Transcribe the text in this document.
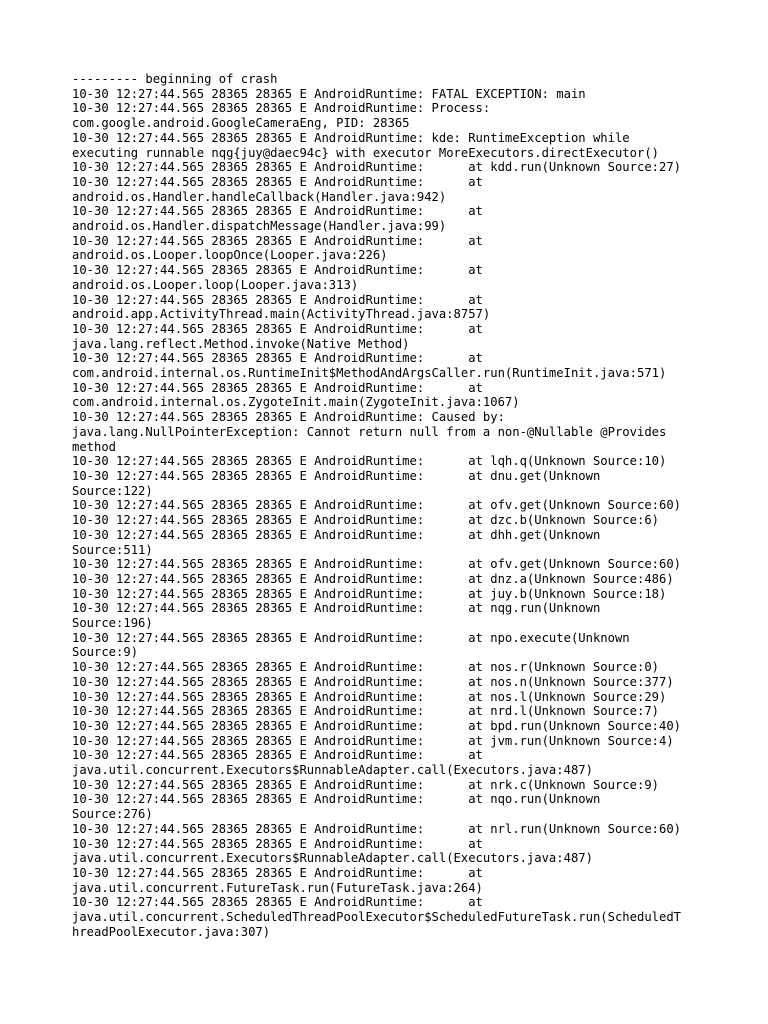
--------- beginning of crash
10-30 12:27:44.565 28365 28365 E AndroidRuntime: FATAL EXCEPTION: main
10-30 12:27:44.565 28365 28365 E AndroidRuntime: Process:
com.google.android.GoogleCameraEng, PID: 28365
10-30 12:27:44.565 28365 28365 E AndroidRuntime: kde: RuntimeException while
executing runnable nqg{juy@daec94c} with executor MoreExecutors.directExecutor()
10-30 12:27:44.565 28365 28365 E AndroidRuntime:      at kdd.run(Unknown Source:27)
10-30 12:27:44.565 28365 28365 E AndroidRuntime:      at
android.os.Handler.handleCallback(Handler.java:942)
10-30 12:27:44.565 28365 28365 E AndroidRuntime:      at
android.os.Handler.dispatchMessage(Handler.java:99)
10-30 12:27:44.565 28365 28365 E AndroidRuntime:      at
android.os.Looper.loopOnce(Looper.java:226)
10-30 12:27:44.565 28365 28365 E AndroidRuntime:      at
android.os.Looper.loop(Looper.java:313)
10-30 12:27:44.565 28365 28365 E AndroidRuntime:      at
android.app.ActivityThread.main(ActivityThread.java:8757)
10-30 12:27:44.565 28365 28365 E AndroidRuntime:      at
java.lang.reflect.Method.invoke(Native Method)
10-30 12:27:44.565 28365 28365 E AndroidRuntime:      at
com.android.internal.os.RuntimeInit$MethodAndArgsCaller.run(RuntimeInit.java:571)
10-30 12:27:44.565 28365 28365 E AndroidRuntime:      at
com.android.internal.os.ZygoteInit.main(ZygoteInit.java:1067)
10-30 12:27:44.565 28365 28365 E AndroidRuntime: Caused by:
java.lang.NullPointerException: Cannot return null from a non-@Nullable @Provides
method
10-30 12:27:44.565 28365 28365 E AndroidRuntime:      at lqh.q(Unknown Source:10)
10-30 12:27:44.565 28365 28365 E AndroidRuntime:      at dnu.get(Unknown
Source:122)
10-30 12:27:44.565 28365 28365 E AndroidRuntime:      at ofv.get(Unknown Source:60)
10-30 12:27:44.565 28365 28365 E AndroidRuntime:      at dzc.b(Unknown Source:6)
10-30 12:27:44.565 28365 28365 E AndroidRuntime:      at dhh.get(Unknown
Source:511)
10-30 12:27:44.565 28365 28365 E AndroidRuntime:      at ofv.get(Unknown Source:60)
10-30 12:27:44.565 28365 28365 E AndroidRuntime:      at dnz.a(Unknown Source:486)
10-30 12:27:44.565 28365 28365 E AndroidRuntime:      at juy.b(Unknown Source:18)
10-30 12:27:44.565 28365 28365 E AndroidRuntime:      at nqg.run(Unknown
Source:196)
10-30 12:27:44.565 28365 28365 E AndroidRuntime:      at npo.execute(Unknown
Source:9)
10-30 12:27:44.565 28365 28365 E AndroidRuntime:      at nos.r(Unknown Source:0)
10-30 12:27:44.565 28365 28365 E AndroidRuntime:      at nos.n(Unknown Source:377)
10-30 12:27:44.565 28365 28365 E AndroidRuntime:      at nos.l(Unknown Source:29)
10-30 12:27:44.565 28365 28365 E AndroidRuntime:      at nrd.l(Unknown Source:7)
10-30 12:27:44.565 28365 28365 E AndroidRuntime:      at bpd.run(Unknown Source:40)
10-30 12:27:44.565 28365 28365 E AndroidRuntime:      at jvm.run(Unknown Source:4)
10-30 12:27:44.565 28365 28365 E AndroidRuntime:      at
java.util.concurrent.Executors$RunnableAdapter.call(Executors.java:487)
10-30 12:27:44.565 28365 28365 E AndroidRuntime:      at nrk.c(Unknown Source:9)
10-30 12:27:44.565 28365 28365 E AndroidRuntime:      at nqo.run(Unknown
Source:276)
10-30 12:27:44.565 28365 28365 E AndroidRuntime:      at nrl.run(Unknown Source:60)
10-30 12:27:44.565 28365 28365 E AndroidRuntime:      at
java.util.concurrent.Executors$RunnableAdapter.call(Executors.java:487)
10-30 12:27:44.565 28365 28365 E AndroidRuntime:      at
java.util.concurrent.FutureTask.run(FutureTask.java:264)
10-30 12:27:44.565 28365 28365 E AndroidRuntime:      at
java.util.concurrent.ScheduledThreadPoolExecutor$ScheduledFutureTask.run(ScheduledT
hreadPoolExecutor.java:307)
